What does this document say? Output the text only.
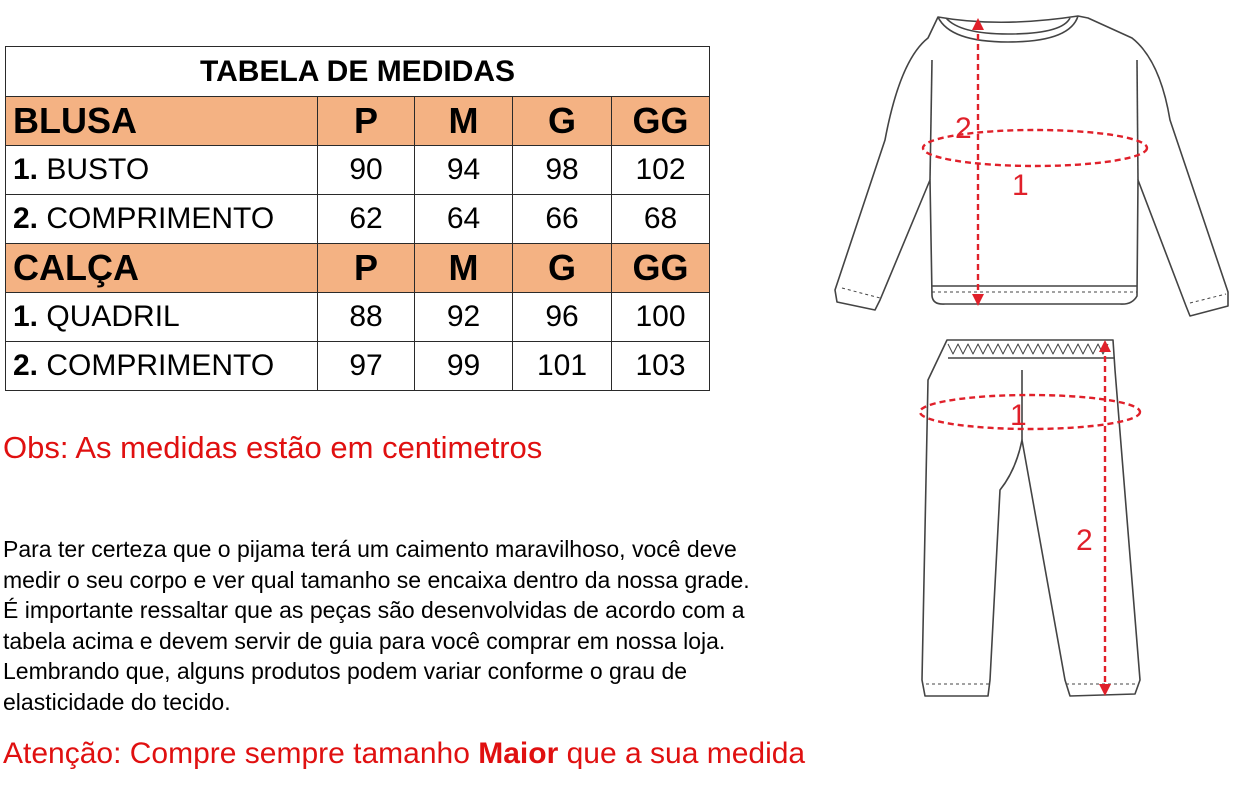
TABELA DE MEDIDAS				
BLUSA	P	M	G	GG
1. BUSTO	90	94	98	102
2. COMPRIMENTO	62	64	66	68
CALÇA	P	M	G	GG
1. QUADRIL	88	92	96	100
2. COMPRIMENTO	97	99	101	103
Obs: As medidas estão em centimetros
Para ter certeza que o pijama terá um caimento maravilhoso, você deve
medir o seu corpo e ver qual tamanho se encaixa dentro da nossa grade.
É importante ressaltar que as peças são desenvolvidas de acordo com a
tabela acima e devem servir de guia para você comprar em nossa loja.
Lembrando que, alguns produtos podem variar conforme o grau de
elasticidade do tecido.
Atenção: Compre sempre tamanho Maior que a sua medida
2
1
1
2
